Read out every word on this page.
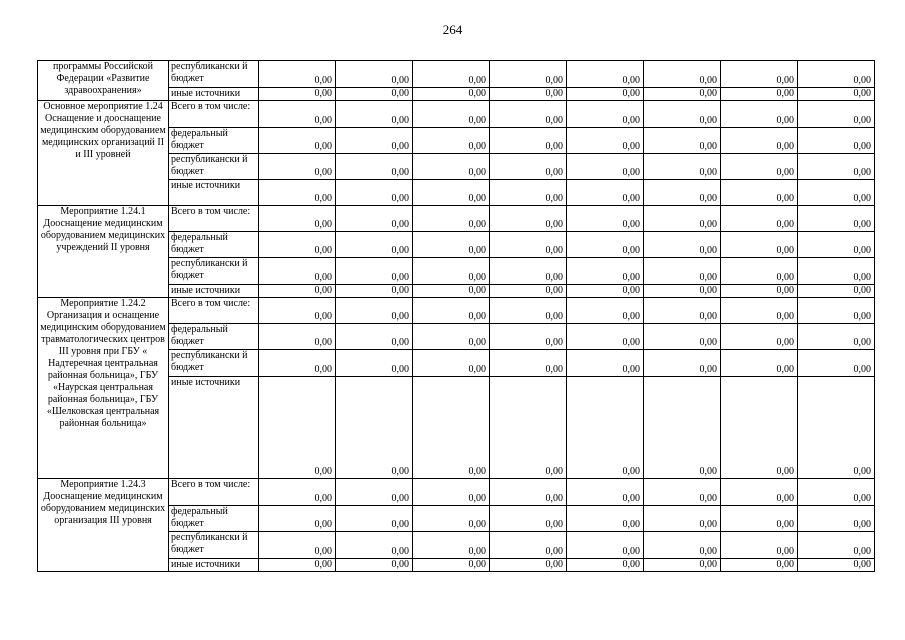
264
программы Российской Федерации «Развитие здравоохранения»	республикански й бюджет	0,00	0,00	0,00	0,00	0,00	0,00	0,00	0,00
	иные источники	0,00	0,00	0,00	0,00	0,00	0,00	0,00	0,00
Основное мероприятие 1.24 Оснащение и дооснащение медицинским оборудованием медицинских организаций II и III уровней	Всего в том числе:	0,00	0,00	0,00	0,00	0,00	0,00	0,00	0,00
	федеральный бюджет	0,00	0,00	0,00	0,00	0,00	0,00	0,00	0,00
	республикански й бюджет	0,00	0,00	0,00	0,00	0,00	0,00	0,00	0,00
	иные источники	0,00	0,00	0,00	0,00	0,00	0,00	0,00	0,00
Мероприятие 1.24.1 Дооснащение медицинским оборудованием медицинских учреждений II уровня	Всего в том числе:	0,00	0,00	0,00	0,00	0,00	0,00	0,00	0,00
	федеральный бюджет	0,00	0,00	0,00	0,00	0,00	0,00	0,00	0,00
	республикански й бюджет	0,00	0,00	0,00	0,00	0,00	0,00	0,00	0,00
	иные источники	0,00	0,00	0,00	0,00	0,00	0,00	0,00	0,00
Мероприятие 1.24.2 Организация и оснащение медицинским оборудованием травматологических центров III уровня при ГБУ « Надтеречная центральная районная больница», ГБУ «Наурская центральная районная больница», ГБУ «Шелковская центральная районная больница»	Всего в том числе:	0,00	0,00	0,00	0,00	0,00	0,00	0,00	0,00
	федеральный бюджет	0,00	0,00	0,00	0,00	0,00	0,00	0,00	0,00
	республикански й бюджет	0,00	0,00	0,00	0,00	0,00	0,00	0,00	0,00
	иные источники	0,00	0,00	0,00	0,00	0,00	0,00	0,00	0,00
Мероприятие 1.24.3 Дооснащение медицинским оборудованием медицинских организация III уровня	Всего в том числе:	0,00	0,00	0,00	0,00	0,00	0,00	0,00	0,00
	федеральный бюджет	0,00	0,00	0,00	0,00	0,00	0,00	0,00	0,00
	республикански й бюджет	0,00	0,00	0,00	0,00	0,00	0,00	0,00	0,00
	иные источники	0,00	0,00	0,00	0,00	0,00	0,00	0,00	0,00
